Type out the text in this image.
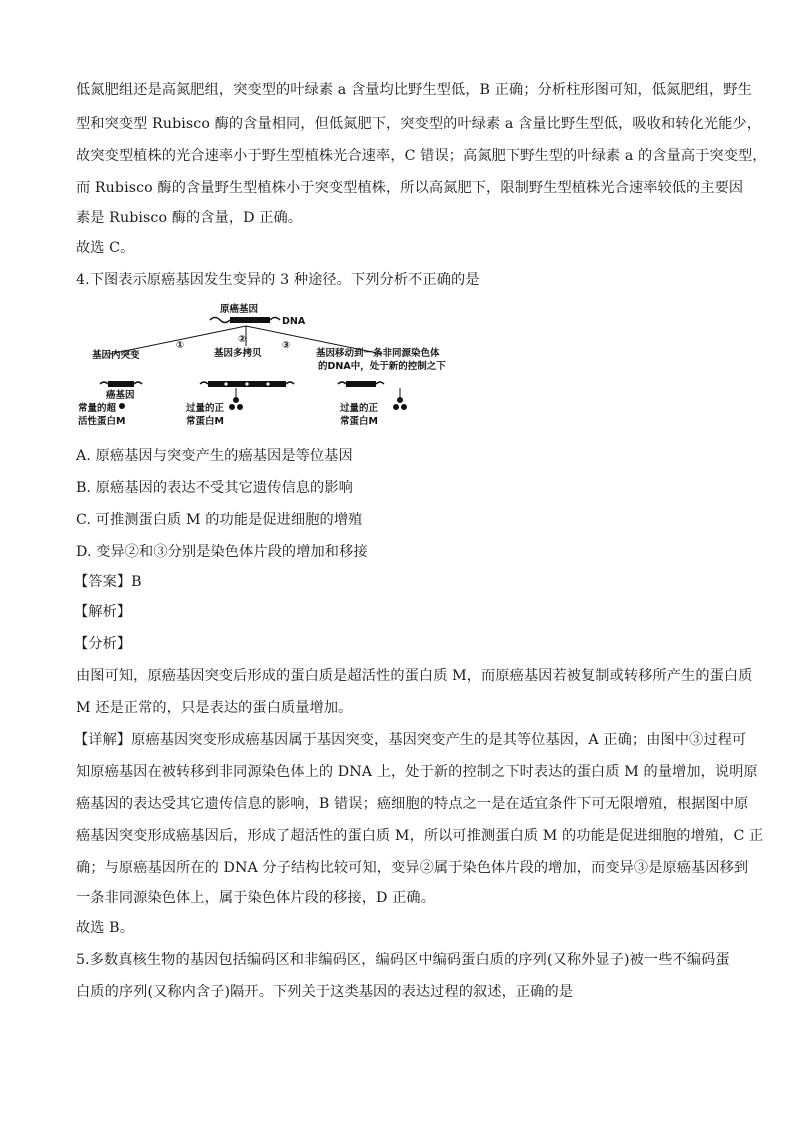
低氮肥组还是高氮肥组，突变型的叶绿素 a 含量均比野生型低，B 正确；分析柱形图可知，低氮肥组，野生
型和突变型 Rubisco 酶的含量相同，但低氮肥下，突变型的叶绿素 a 含量比野生型低，吸收和转化光能少，
故突变型植株的光合速率小于野生型植株光合速率，C 错误；高氮肥下野生型的叶绿素 a 的含量高于突变型，
而 Rubisco 酶的含量野生型植株小于突变型植株，所以高氮肥下，限制野生型植株光合速率较低的主要因
素是 Rubisco 酶的含量，D 正确。
故选 C。
4.下图表示原癌基因发生变异的 3 种途径。下列分析不正确的是
原癌基因
DNA
①
②
③
基因内突变	基因多拷贝	基因移动到一条非同源染色体
的DNA中，处于新的控制之下
癌基因
常量的超
活性蛋白M
过量的正
常蛋白M
过量的正
常蛋白M
A. 原癌基因与突变产生的癌基因是等位基因
B. 原癌基因的表达不受其它遗传信息的影响
C. 可推测蛋白质 M 的功能是促进细胞的增殖
D. 变异②和③分别是染色体片段的增加和移接
【答案】B
【解析】
【分析】
由图可知，原癌基因突变后形成的蛋白质是超活性的蛋白质 M，而原癌基因若被复制或转移所产生的蛋白质
M 还是正常的，只是表达的蛋白质量增加。
【详解】原癌基因突变形成癌基因属于基因突变，基因突变产生的是其等位基因，A 正确；由图中③过程可
知原癌基因在被转移到非同源染色体上的 DNA 上，处于新的控制之下时表达的蛋白质 M 的量增加，说明原
癌基因的表达受其它遗传信息的影响，B 错误；癌细胞的特点之一是在适宜条件下可无限增殖，根据图中原
癌基因突变形成癌基因后，形成了超活性的蛋白质 M，所以可推测蛋白质 M 的功能是促进细胞的增殖，C 正
确；与原癌基因所在的 DNA 分子结构比较可知，变异②属于染色体片段的增加，而变异③是原癌基因移到
一条非同源染色体上，属于染色体片段的移接，D 正确。
故选 B。
5.多数真核生物的基因包括编码区和非编码区，编码区中编码蛋白质的序列(又称外显子)被一些不编码蛋
白质的序列(又称内含子)隔开。下列关于这类基因的表达过程的叙述，正确的是
